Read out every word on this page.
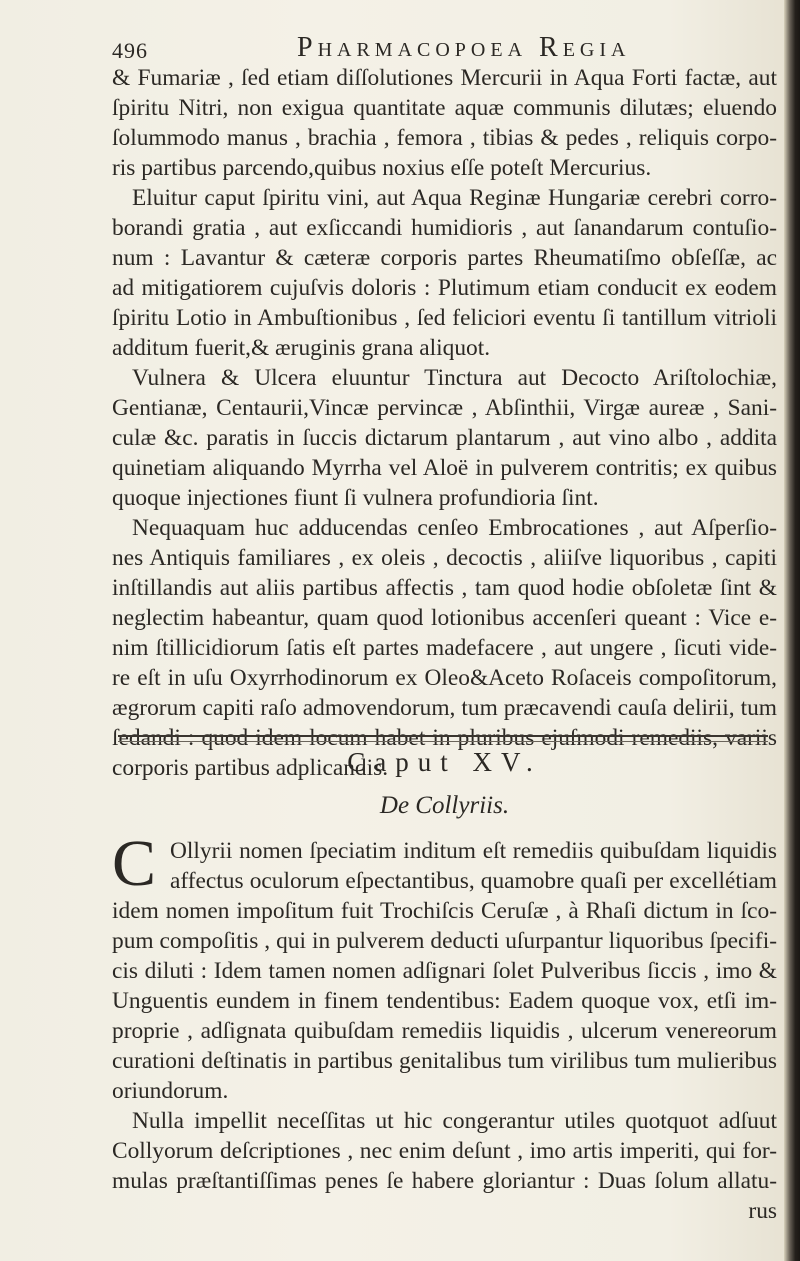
496	Pharmacopoea Regia
& Fumariæ , ſed etiam diſſolutiones Mercurii in Aqua Forti factæ, aut
ſpiritu Nitri, non exigua quantitate aquæ communis dilutæs; eluendo
ſolummodo manus , brachia , femora , tibias & pedes , reliquis corpo-
ris partibus parcendo,quibus noxius eſſe poteſt Mercurius.
Eluitur caput ſpiritu vini, aut Aqua Reginæ Hungariæ cerebri corro-
borandi gratia , aut exſiccandi humidioris , aut ſanandarum contuſio-
num : Lavantur & cæteræ corporis partes Rheumatiſmo obſeſſæ, ac
ad mitigatiorem cujuſvis doloris : Plutimum etiam conducit ex eodem
ſpiritu Lotio in Ambuſtionibus , ſed feliciori eventu ſi tantillum vitrioli
additum fuerit,& æruginis grana aliquot.
Vulnera & Ulcera eluuntur Tinctura aut Decocto Ariſtolochiæ,
Gentianæ, Centaurii,Vincæ pervincæ , Abſinthii, Virgæ aureæ , Sani-
culæ &c. paratis in ſuccis dictarum plantarum , aut vino albo , addita
quinetiam aliquando Myrrha vel Aloë in pulverem contritis; ex quibus
quoque injectiones fiunt ſi vulnera profundioria ſint.
Nequaquam huc adducendas cenſeo Embrocationes , aut Aſperſio-
nes Antiquis familiares , ex oleis , decoctis , aliiſve liquoribus , capiti
inſtillandis aut aliis partibus affectis , tam quod hodie obſoletæ ſint &
neglectim habeantur, quam quod lotionibus accenſeri queant : Vice e-
nim ſtillicidiorum ſatis eſt partes madefacere , aut ungere , ſicuti vide-
re eſt in uſu Oxyrrhodinorum ex Oleo&Aceto Roſaceis compoſitorum,
ægrorum capiti raſo admovendorum, tum præcavendi cauſa delirii, tum
ſedandi : quod idem locum habet in pluribus ejuſmodi remediis, variis
corporis partibus adplicandis.
Caput XV.
De Collyriis.
C Ollyrii nomen ſpeciatim inditum eſt remediis quibuſdam liquidis
affectus oculorum eſpectantibus, quamobre quaſi per excellétiam
idem nomen impoſitum fuit Trochiſcis Ceruſæ , à Rhaſi dictum in ſco-
pum compoſitis , qui in pulverem deducti uſurpantur liquoribus ſpecifi-
cis diluti : Idem tamen nomen adſignari ſolet Pulveribus ſiccis , imo &
Unguentis eundem in finem tendentibus: Eadem quoque vox, etſi im-
proprie , adſignata quibuſdam remediis liquidis , ulcerum venereorum
curationi deſtinatis in partibus genitalibus tum virilibus tum mulieribus
oriundorum.
Nulla impellit neceſſitas ut hic congerantur utiles quotquot adſuut
Collyorum deſcriptiones , nec enim deſunt , imo artis imperiti, qui for-
mulas præſtantiſſimas penes ſe habere gloriantur : Duas ſolum allatu-
rus
